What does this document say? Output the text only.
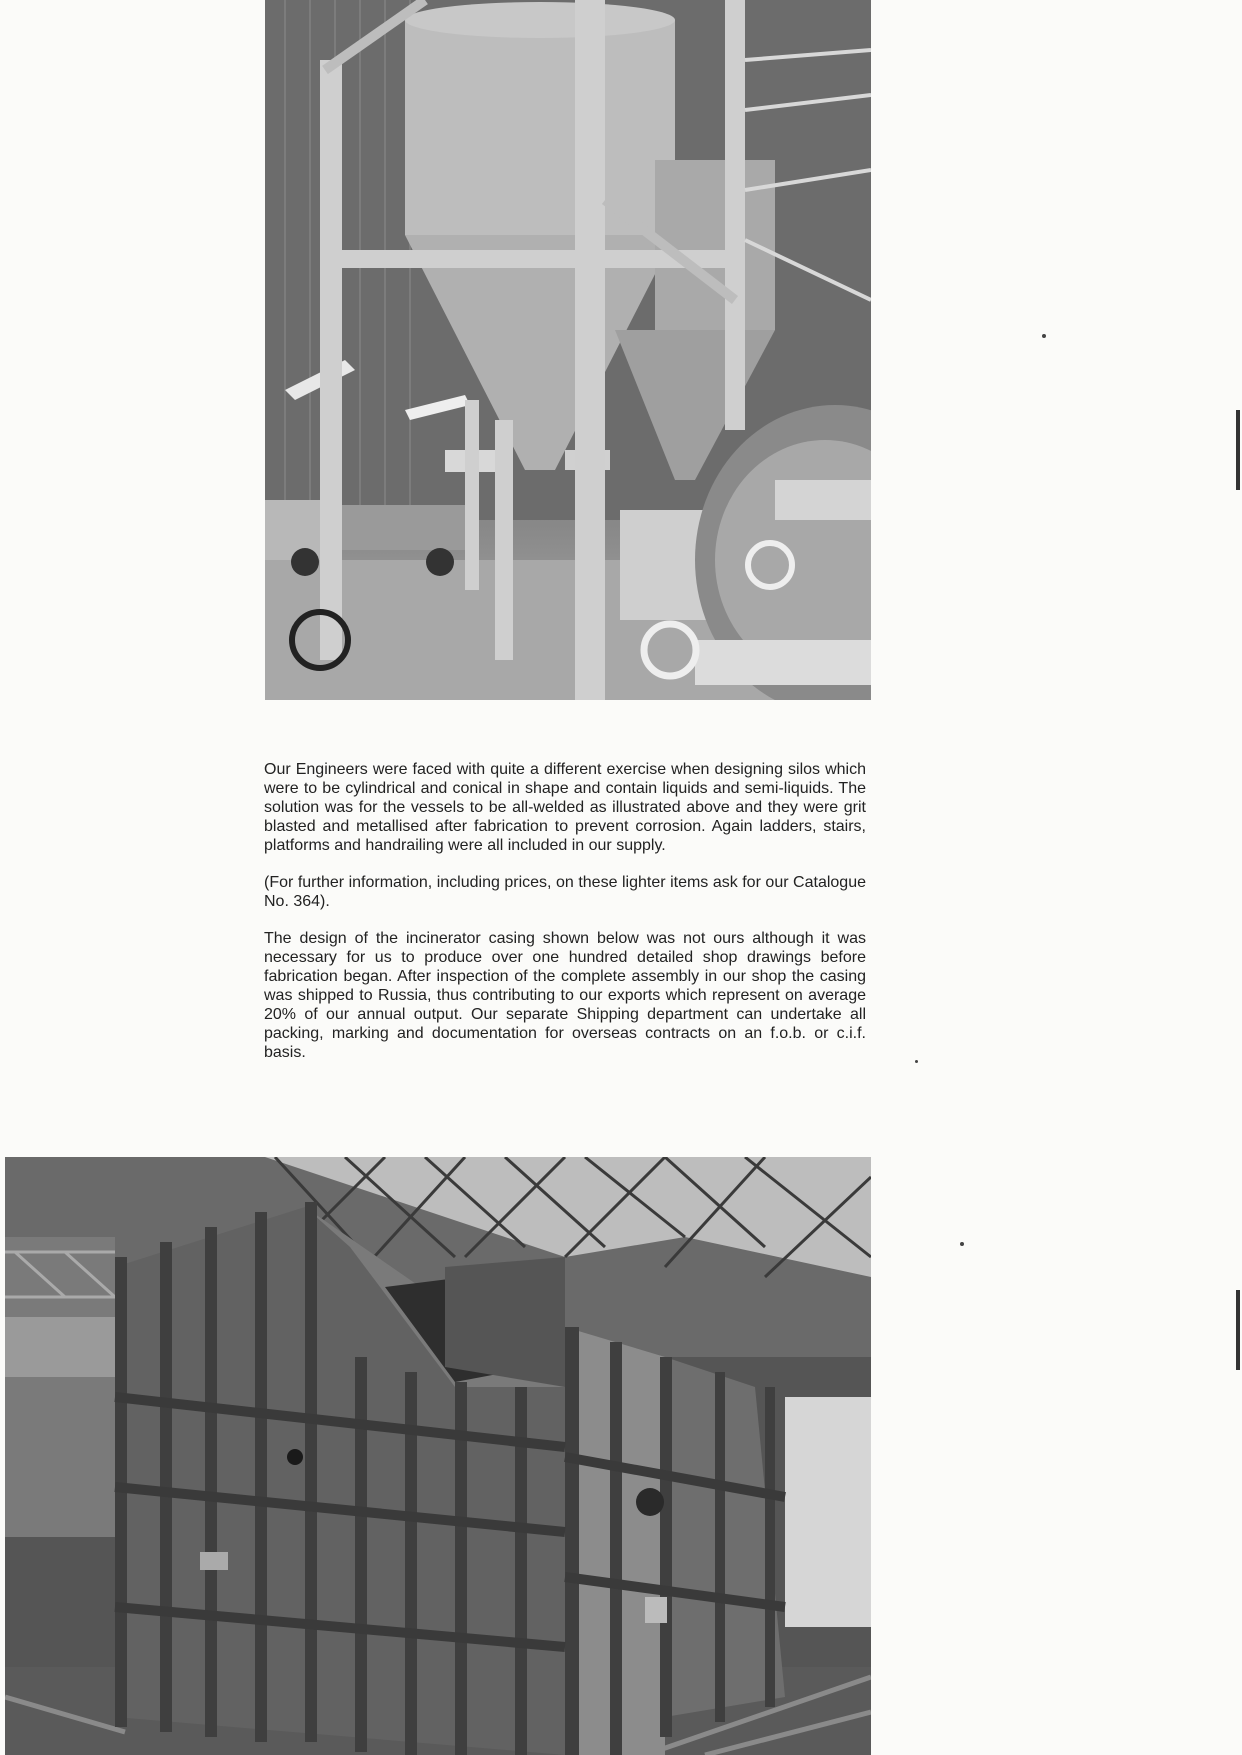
Our Engineers were faced with quite a different exercise when designing silos which were to be cylindrical and conical in shape and contain liquids and semi-liquids. The solution was for the vessels to be all-welded as illustrated above and they were grit blasted and metallised after fabrication to prevent corrosion. Again ladders, stairs, platforms and handrailing were all included in our supply.

(For further information, including prices, on these lighter items ask for our Catalogue No. 364).

The design of the incinerator casing shown below was not ours although it was necessary for us to produce over one hundred detailed shop drawings before fabrication began. After inspection of the complete assembly in our shop the casing was shipped to Russia, thus contributing to our exports which represent on average 20% of our annual output. Our separate Shipping department can undertake all packing, marking and documentation for overseas contracts on an f.o.b. or c.i.f. basis.
